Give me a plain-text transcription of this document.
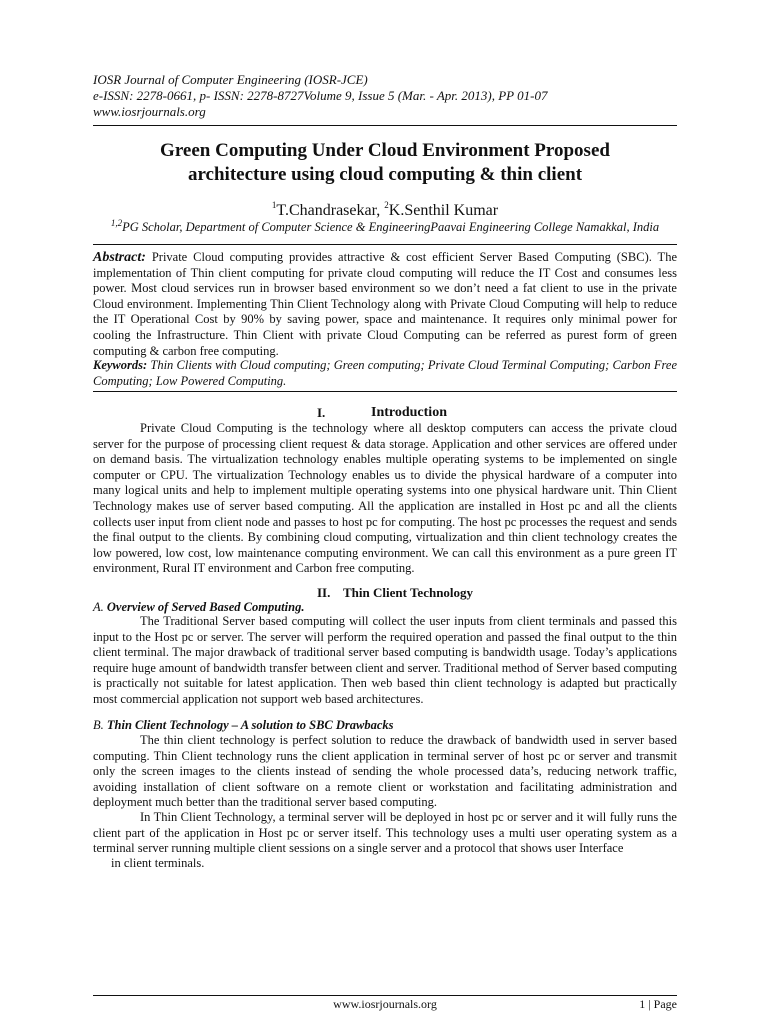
IOSR Journal of Computer Engineering (IOSR-JCE)
e-ISSN: 2278-0661, p- ISSN: 2278-8727Volume 9, Issue 5 (Mar. - Apr. 2013), PP 01-07
www.iosrjournals.org
Green Computing Under Cloud Environment Proposed
architecture using cloud computing & thin client
$^1$T.Chandrasekar, $^2$K.Senthil Kumar
$^{1,2}$PG Scholar, Department of Computer Science & EngineeringPaavai Engineering College Namakkal, India
Abstract: Private Cloud computing provides attractive & cost efficient Server Based Computing (SBC). The implementation of Thin client computing for private cloud computing will reduce the IT Cost and consumes less power. Most cloud services run in browser based environment so we don’t need a fat client to use in the private Cloud environment. Implementing Thin Client Technology along with Private Cloud Computing will help to reduce the IT Operational Cost by 90% by saving power, space and maintenance. It requires only minimal power for cooling the Infrastructure. Thin Client with private Cloud Computing can be referred as purest form of green computing & carbon free computing.
Keywords: Thin Clients with Cloud computing; Green computing; Private Cloud Terminal Computing; Carbon Free Computing; Low Powered Computing.
I.	Introduction
Private Cloud Computing is the technology where all desktop computers can access the private cloud server for the purpose of processing client request & data storage. Application and other services are offered under on demand basis. The virtualization technology enables multiple operating systems to be implemented on single computer or CPU. The virtualization Technology enables us to divide the physical hardware of a computer into many logical units and help to implement multiple operating systems into one physical hardware unit. Thin Client Technology makes use of server based computing. All the application are installed in Host pc and all the clients collects user input from client node and passes to host pc for computing. The host pc processes the request and sends the final output to the clients. By combining cloud computing, virtualization and thin client technology creates the low powered, low cost, low maintenance computing environment. We can call this environment as a pure green IT environment, Rural IT environment and Carbon free computing.
II. Thin Client Technology
A. Overview of Served Based Computing.
The Traditional Server based computing will collect the user inputs from client terminals and passed this input to the Host pc or server. The server will perform the required operation and passed the final output to the thin client terminal. The major drawback of traditional server based computing is bandwidth usage. Today’s applications require huge amount of bandwidth transfer between client and server. Traditional method of Server based computing is practically not suitable for latest application. Then web based thin client technology is adapted but practically most commercial application not support web based architectures.
B. Thin Client Technology – A solution to SBC Drawbacks
The thin client technology is perfect solution to reduce the drawback of bandwidth used in server based computing. Thin Client technology runs the client application in terminal server of host pc or server and transmit only the screen images to the clients instead of sending the whole processed data’s, reducing network traffic, avoiding installation of client software on a remote client or workstation and facilitating administration and deployment much better than the traditional server based computing.
In Thin Client Technology, a terminal server will be deployed in host pc or server and it will fully runs the client part of the application in Host pc or server itself. This technology uses a multi user operating system as a terminal server running multiple client sessions on a single server and a protocol that shows user Interface
in client terminals.
www.iosrjournals.org	1 | Page
